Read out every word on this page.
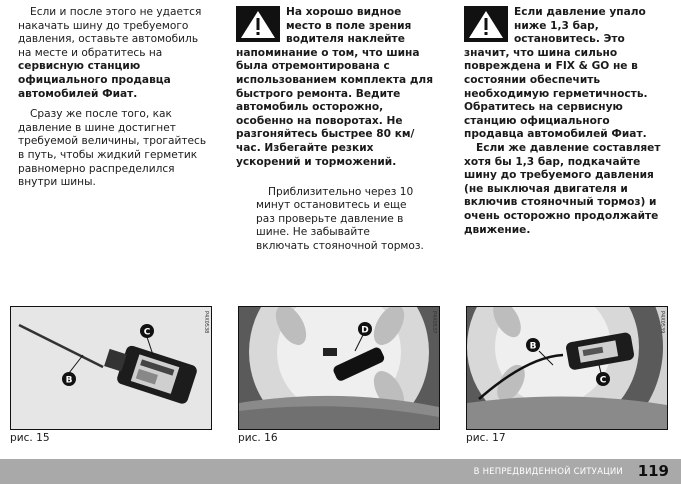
Если и после этого не удается накачать шину до требуемого давления, оставьте автомобиль на месте и обратитесь на сервисную станцию официального продавца автомобилей Фиат.

Сразу же после того, как давление в шине достигнет требуемой величины, трогайтесь в путь, чтобы жидкий герметик равномерно распределился внутри шины.

На хорошо видное место в поле зрения водителя наклейте напоминание о том, что шина была отремонтирована с использованием комплекта для быстрого ремонта. Ведите автомобиль осторожно, особенно на поворотах. Не разгоняйтесь быстрее 80 км/час. Избегайте резких ускорений и торможений.

Приблизительно через 10 минут остановитесь и еще раз проверьте давление в шине. Не забывайте включать стояночной тормоз.

Если давление упало ниже 1,3 бар, остановитесь. Это значит, что шина сильно повреждена и FIX & GO не в состоянии обеспечить необходимую герметичность. Обратитесь на сервисную станцию официального продавца автомобилей Фиат.

Если же давление составляет хотя бы 1,3 бар, подкачайте шину до требуемого давления (не выключая двигателя и включив стояночный тормоз) и очень осторожно продолжайте движение.

C
B
P4X0538
рис. 15
D	P4X0537
рис. 16
B
C
P4X0539
рис. 17
В НЕПРЕДВИДЕННОЙ СИТУАЦИИ 119
